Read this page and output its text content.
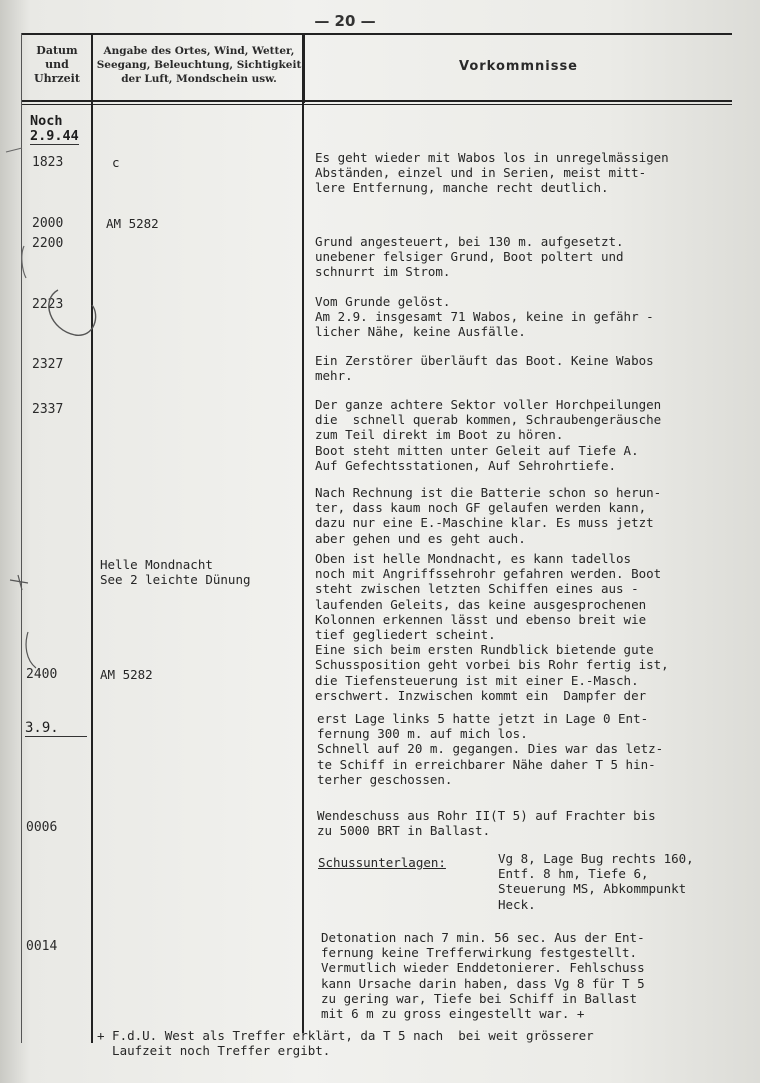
— 20 —
Datum
und
Uhrzeit
Angabe des Ortes, Wind, Wetter,
Seegang, Beleuchtung, Sichtigkeit
der Luft, Mondschein usw.
Vorkommnisse
Noch
2.9.44
3.9.
1823
2000
2200
2223
2327
2337
2400
0006
0014
c
AM 5282
Helle Mondnacht
See 2 leichte Dünung
AM 5282
Es geht wieder mit Wabos los in unregelmässigen
Abständen, einzel und in Serien, meist mitt-
lere Entfernung, manche recht deutlich.
Grund angesteuert, bei 130 m. aufgesetzt.
unebener felsiger Grund, Boot poltert und
schnurrt im Strom.
Vom Grunde gelöst.
Am 2.9. insgesamt 71 Wabos, keine in gefähr -
licher Nähe, keine Ausfälle.
Ein Zerstörer überläuft das Boot. Keine Wabos
mehr.
Der ganze achtere Sektor voller Horchpeilungen
die  schnell querab kommen, Schraubengeräusche
zum Teil direkt im Boot zu hören.
Boot steht mitten unter Geleit auf Tiefe A.
Auf Gefechtsstationen, Auf Sehrohrtiefe.
Nach Rechnung ist die Batterie schon so herun-
ter, dass kaum noch GF gelaufen werden kann,
dazu nur eine E.-Maschine klar. Es muss jetzt
aber gehen und es geht auch.
Oben ist helle Mondnacht, es kann tadellos
noch mit Angriffssehrohr gefahren werden. Boot
steht zwischen letzten Schiffen eines aus -
laufenden Geleits, das keine ausgesprochenen
Kolonnen erkennen lässt und ebenso breit wie
tief gegliedert scheint.
Eine sich beim ersten Rundblick bietende gute
Schussposition geht vorbei bis Rohr fertig ist,
die Tiefensteuerung ist mit einer E.-Masch.
erschwert. Inzwischen kommt ein  Dampfer der
erst Lage links 5 hatte jetzt in Lage 0 Ent-
fernung 300 m. auf mich los.
Schnell auf 20 m. gegangen. Dies war das letz-
te Schiff in erreichbarer Nähe daher T 5 hin-
terher geschossen.
Wendeschuss aus Rohr II(T 5) auf Frachter bis
zu 5000 BRT in Ballast.
Schussunterlagen:	Vg 8, Lage Bug rechts 160,
Entf. 8 hm, Tiefe 6,
Steuerung MS, Abkommpunkt
Heck.
Detonation nach 7 min. 56 sec. Aus der Ent-
fernung keine Trefferwirkung festgestellt.
Vermutlich wieder Enddetonierer. Fehlschuss
kann Ursache darin haben, dass Vg 8 für T 5
zu gering war, Tiefe bei Schiff in Ballast
mit 6 m zu gross eingestellt war. +
+ F.d.U. West als Treffer erklärt, da T 5 nach  bei weit grösserer
Laufzeit noch Treffer ergibt.
